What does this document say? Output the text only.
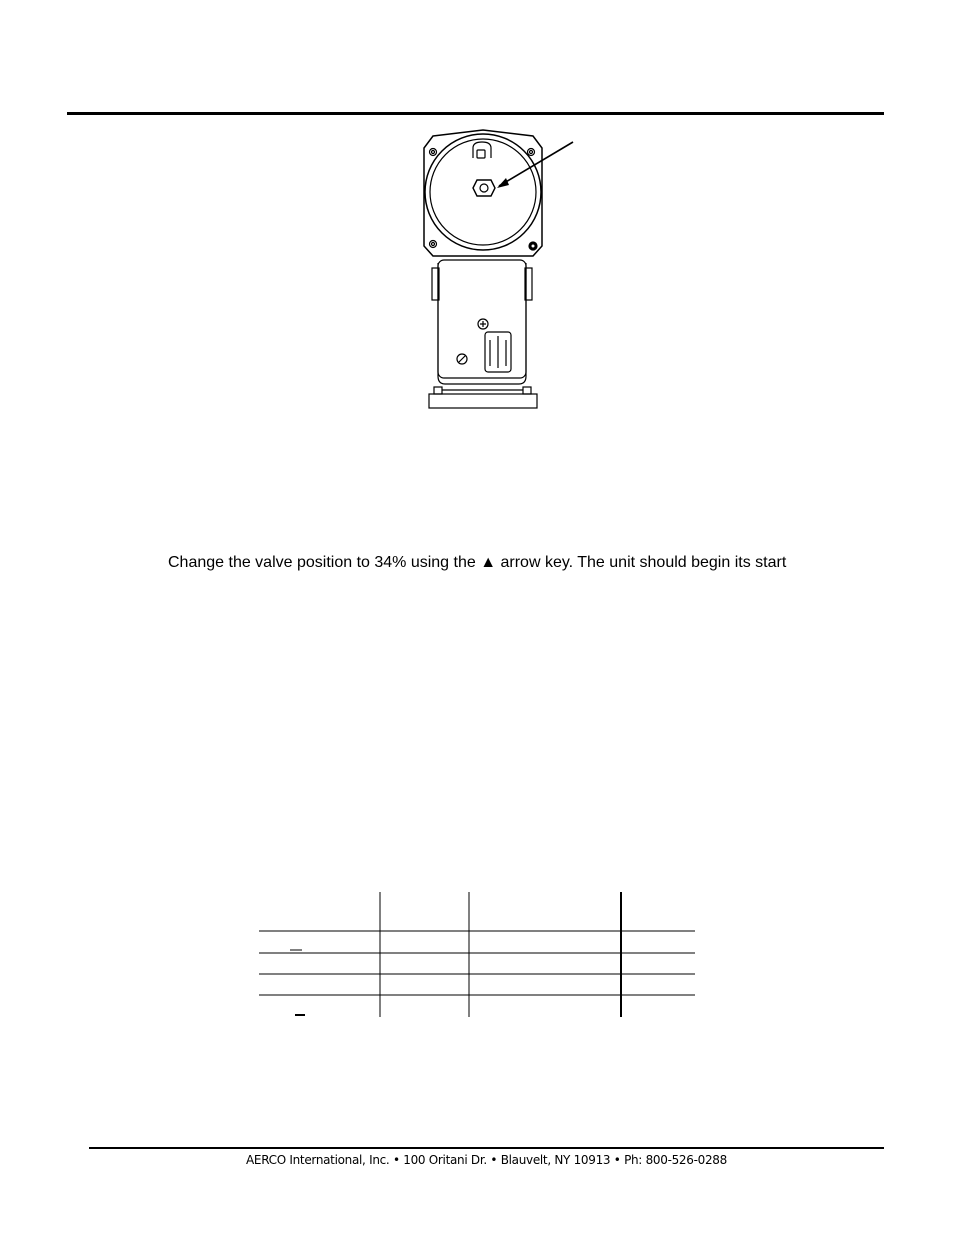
Change the valve position to 34% using the ▲ arrow key. The unit should begin its start
AERCO International, Inc. • 100 Oritani Dr. • Blauvelt, NY 10913 • Ph: 800-526-0288
